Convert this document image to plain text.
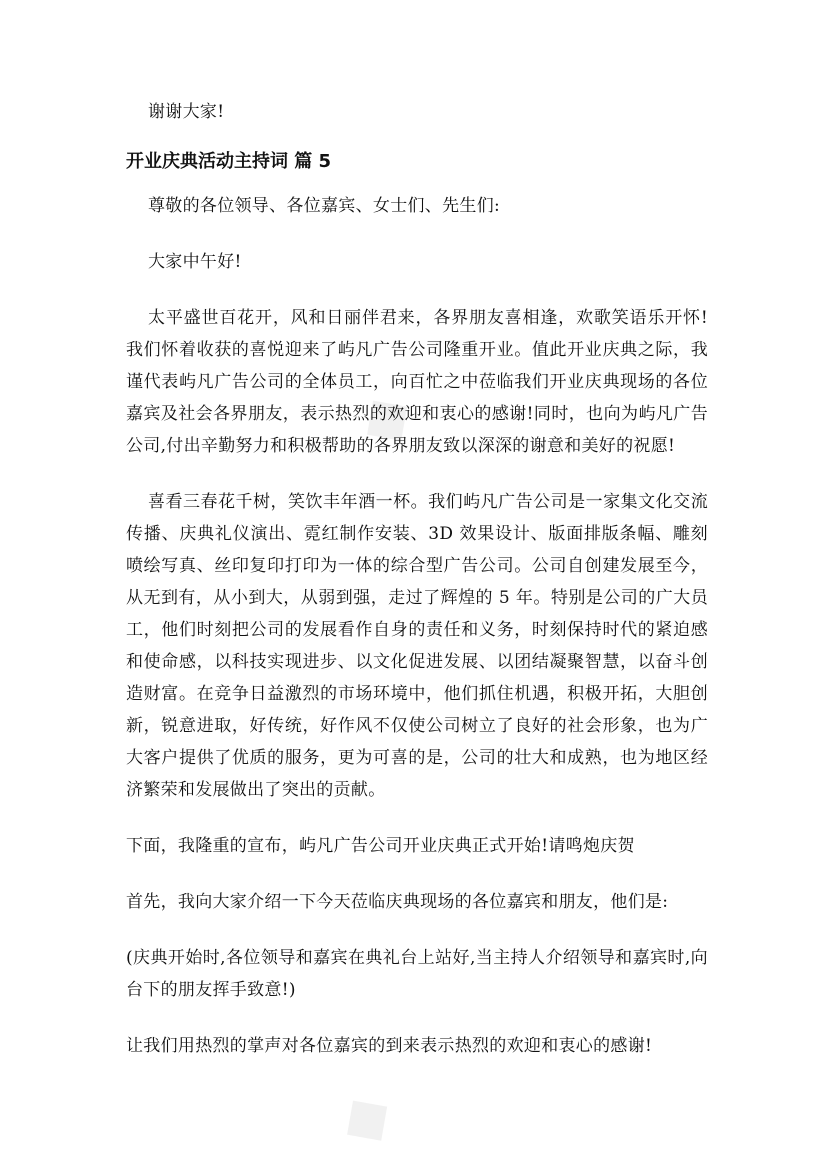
◆
◆

谢谢大家!

开业庆典活动主持词 篇 5

尊敬的各位领导、各位嘉宾、女士们、先生们:

大家中午好!

太平盛世百花开，风和日丽伴君来，各界朋友喜相逢，欢歌笑语乐开怀!我们怀着收获的喜悦迎来了屿凡广告公司隆重开业。值此开业庆典之际，我谨代表屿凡广告公司的全体员工，向百忙之中莅临我们开业庆典现场的各位嘉宾及社会各界朋友，表示热烈的欢迎和衷心的感谢!同时，也向为屿凡广告公司,付出辛勤努力和积极帮助的各界朋友致以深深的谢意和美好的祝愿!

喜看三春花千树，笑饮丰年酒一杯。我们屿凡广告公司是一家集文化交流传播、庆典礼仪演出、霓红制作安装、3D 效果设计、版面排版条幅、雕刻喷绘写真、丝印复印打印为一体的综合型广告公司。公司自创建发展至今，从无到有，从小到大，从弱到强，走过了辉煌的 5 年。特别是公司的广大员工，他们时刻把公司的发展看作自身的责任和义务，时刻保持时代的紧迫感和使命感，以科技实现进步、以文化促进发展、以团结凝聚智慧，以奋斗创造财富。在竞争日益激烈的市场环境中，他们抓住机遇，积极开拓，大胆创新，锐意进取，好传统，好作风不仅使公司树立了良好的社会形象，也为广大客户提供了优质的服务，更为可喜的是，公司的壮大和成熟，也为地区经济繁荣和发展做出了突出的贡献。

下面，我隆重的宣布，屿凡广告公司开业庆典正式开始!请鸣炮庆贺

首先，我向大家介绍一下今天莅临庆典现场的各位嘉宾和朋友，他们是:

(庆典开始时,各位领导和嘉宾在典礼台上站好,当主持人介绍领导和嘉宾时,向台下的朋友挥手致意!)

让我们用热烈的掌声对各位嘉宾的到来表示热烈的欢迎和衷心的感谢!
